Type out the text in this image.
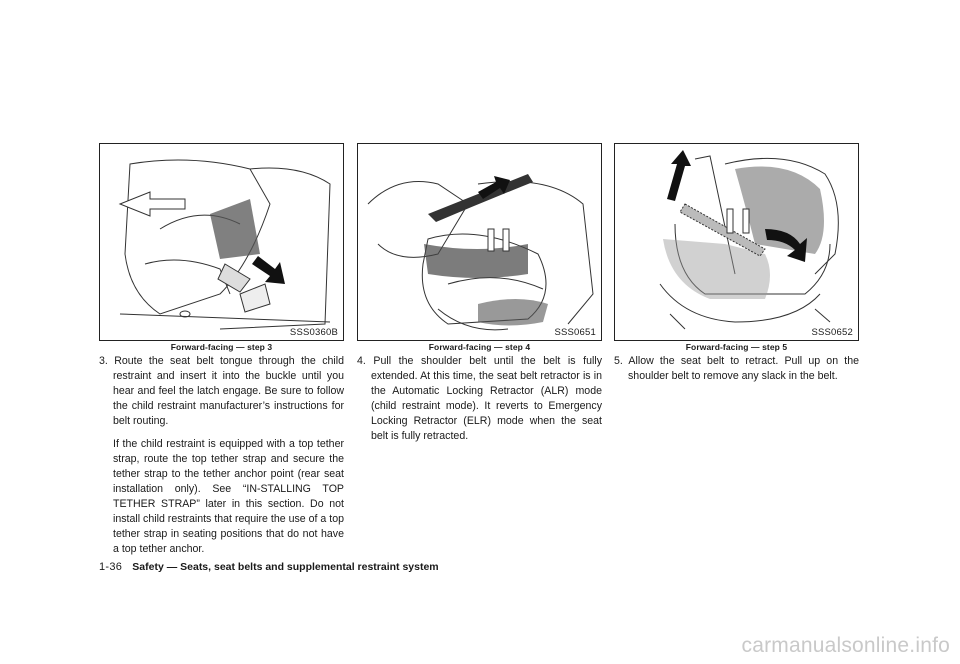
SSS0360B
Forward-facing — step 3

3. Route the seat belt tongue through the child restraint and insert it into the buckle until you hear and feel the latch engage. Be sure to follow the child restraint manufacturer’s instructions for belt routing.

If the child restraint is equipped with a top tether strap, route the top tether strap and secure the tether strap to the tether anchor point (rear seat installation only). See “IN-STALLING TOP TETHER STRAP” later in this section. Do not install child restraints that require the use of a top tether strap in seating positions that do not have a top tether anchor.

SSS0651
Forward-facing — step 4

4. Pull the shoulder belt until the belt is fully extended. At this time, the seat belt retractor is in the Automatic Locking Retractor (ALR) mode (child restraint mode). It reverts to Emergency Locking Retractor (ELR) mode when the seat belt is fully retracted.

SSS0652
Forward-facing — step 5

5. Allow the seat belt to retract. Pull up on the shoulder belt to remove any slack in the belt.

1-36 Safety — Seats, seat belts and supplemental restraint system
carmanualsonline.info
